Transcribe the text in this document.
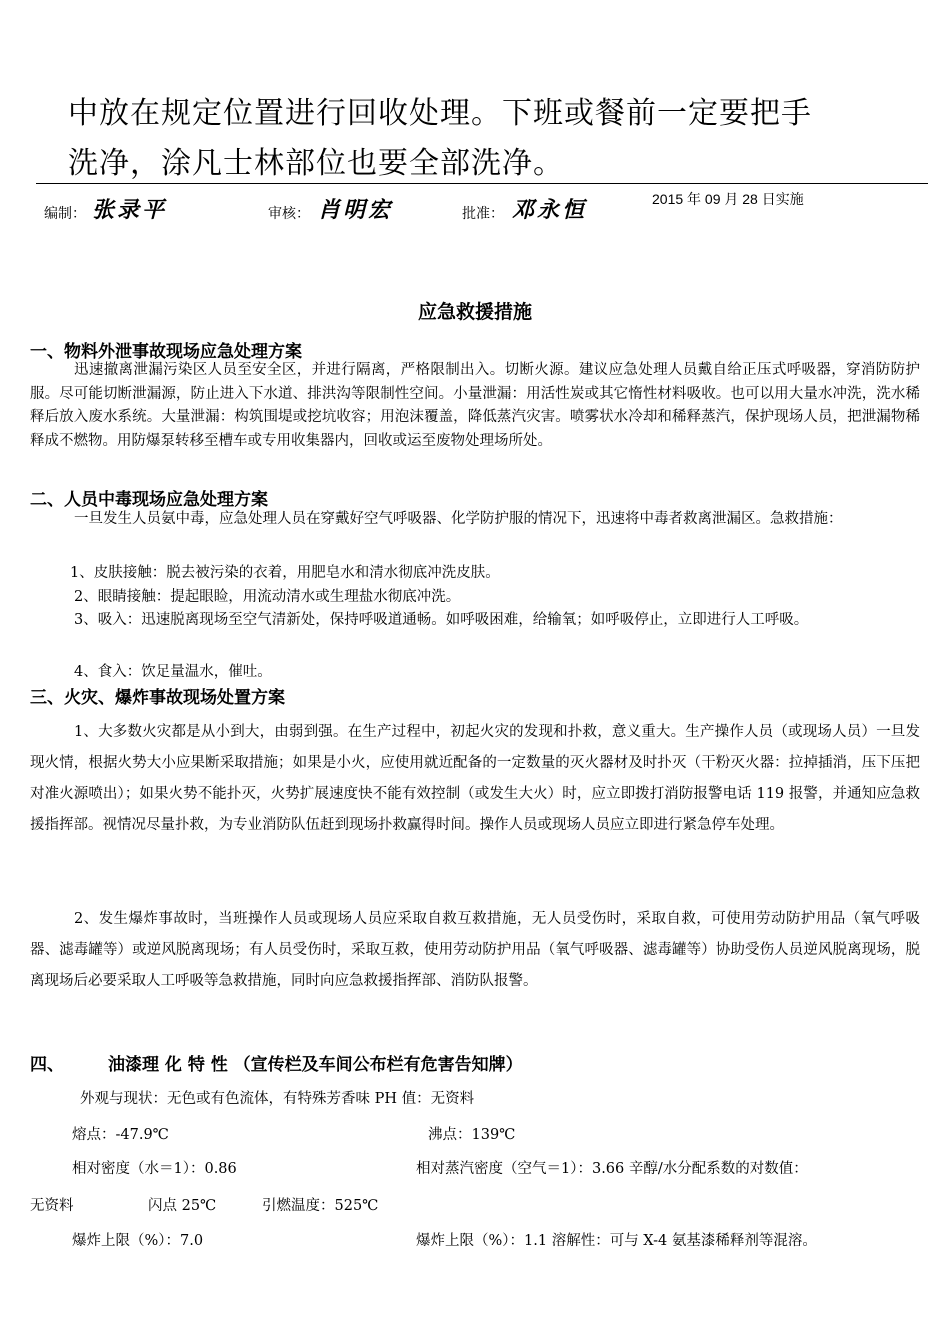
中放在规定位置进行回收处理。下班或餐前一定要把手
洗净，涂凡士林部位也要全部洗净。
编制： 张录平	审核： 肖明宏	批准： 邓永恒	2015 年 09 月 28 日实施
应急救援措施
一、物料外泄事故现场应急处理方案
迅速撤离泄漏污染区人员至安全区，并进行隔离，严格限制出入。切断火源。建议应急处理人员戴自给正压式呼吸器，穿消防防护服。尽可能切断泄漏源，防止进入下水道、排洪沟等限制性空间。小量泄漏：用活性炭或其它惰性材料吸收。也可以用大量水冲洗，洗水稀释后放入废水系统。大量泄漏：构筑围堤或挖坑收容；用泡沫覆盖，降低蒸汽灾害。喷雾状水冷却和稀释蒸汽，保护现场人员，把泄漏物稀释成不燃物。用防爆泵转移至槽车或专用收集器内，回收或运至废物处理场所处。
二、人员中毒现场应急处理方案
一旦发生人员氨中毒，应急处理人员在穿戴好空气呼吸器、化学防护服的情况下，迅速将中毒者救离泄漏区。急救措施：
1、皮肤接触：脱去被污染的衣着，用肥皂水和清水彻底冲洗皮肤。
2、眼睛接触：提起眼睑，用流动清水或生理盐水彻底冲洗。
3、吸入：迅速脱离现场至空气清新处，保持呼吸道通畅。如呼吸困难，给输氧；如呼吸停止，立即进行人工呼吸。
4、食入：饮足量温水，催吐。
三、火灾、爆炸事故现场处置方案
1、大多数火灾都是从小到大，由弱到强。在生产过程中，初起火灾的发现和扑救，意义重大。生产操作人员（或现场人员）一旦发现火情，根据火势大小应果断采取措施；如果是小火，应使用就近配备的一定数量的灭火器材及时扑灭（干粉灭火器：拉掉插消，压下压把对准火源喷出）；如果火势不能扑灭，火势扩展速度快不能有效控制（或发生大火）时，应立即拨打消防报警电话 119 报警，并通知应急救援指挥部。视情况尽量扑救，为专业消防队伍赶到现场扑救赢得时间。操作人员或现场人员应立即进行紧急停车处理。
2、发生爆炸事故时，当班操作人员或现场人员应采取自救互救措施，无人员受伤时，采取自救，可使用劳动防护用品（氧气呼吸器、滤毒罐等）或逆风脱离现场；有人员受伤时，采取互救，使用劳动防护用品（氧气呼吸器、滤毒罐等）协助受伤人员逆风脱离现场，脱离现场后必要采取人工呼吸等急救措施，同时向应急救援指挥部、消防队报警。
四、	油漆理 化 特 性 （宣传栏及车间公布栏有危害告知牌）
外观与现状：无色或有色流体，有特殊芳香味 PH 值：无资料
熔点：-47.9℃	沸点：139℃
相对密度（水＝1）：0.86	相对蒸汽密度（空气＝1）：3.66 辛醇/水分配系数的对数值：
无资料	闪点 25℃	引燃温度：525℃
爆炸上限（%）：7.0	爆炸上限（%）：1.1 溶解性：可与 X-4 氨基漆稀释剂等混溶。
